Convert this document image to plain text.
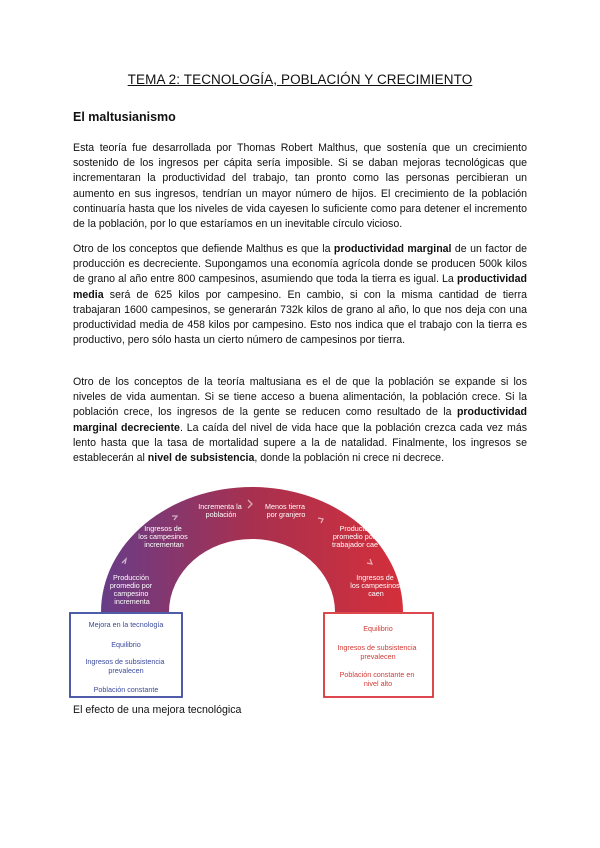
TEMA 2: TECNOLOGÍA, POBLACIÓN Y CRECIMIENTO
El maltusianismo

Esta teoría fue desarrollada por Thomas Robert Malthus, que sostenía que un crecimiento sostenido de los ingresos per cápita sería imposible. Si se daban mejoras tecnológicas que incrementaran la productividad del trabajo, tan pronto como las personas percibieran un aumento en sus ingresos, tendrían un mayor número de hijos. El crecimiento de la población continuaría hasta que los niveles de vida cayesen lo suficiente como para detener el incremento de la población, por lo que estaríamos en un inevitable círculo vicioso.

Otro de los conceptos que defiende Malthus es que la productividad marginal de un factor de producción es decreciente. Supongamos una economía agrícola donde se producen 500k kilos de grano al año entre 800 campesinos, asumiendo que toda la tierra es igual. La productividad media será de 625 kilos por campesino. En cambio, si con la misma cantidad de tierra trabajaran 1600 campesinos, se generarán 732k kilos de grano al año, lo que nos deja con una productividad media de 458 kilos por campesino. Esto nos indica que el trabajo con la tierra es productivo, pero sólo hasta un cierto número de campesinos por tierra.

Otro de los conceptos de la teoría maltusiana es el de que la población se expande si los niveles de vida aumentan. Si se tiene acceso a buena alimentación, la población crece. Si la población crece, los ingresos de la gente se reducen como resultado de la productividad marginal decreciente. La caída del nivel de vida hace que la población crezca cada vez más lento hasta que la tasa de mortalidad supere a la de natalidad. Finalmente, los ingresos se establecerán al nivel de subsistencia, donde la población ni crece ni decrece.

Producción promedio por campesino incrementa
Ingresos de los campesinos incrementan
Incrementa la población
Menos tierra por granjero
Producto promedio por trabajador cae
Ingresos de los campesinos caen
Mejora en la tecnología
Equilibrio
Ingresos de subsistencia prevalecen
Población constante
Equilibrio
Ingresos de subsistencia prevalecen
Población constante en nivel alto
El efecto de una mejora tecnológica
